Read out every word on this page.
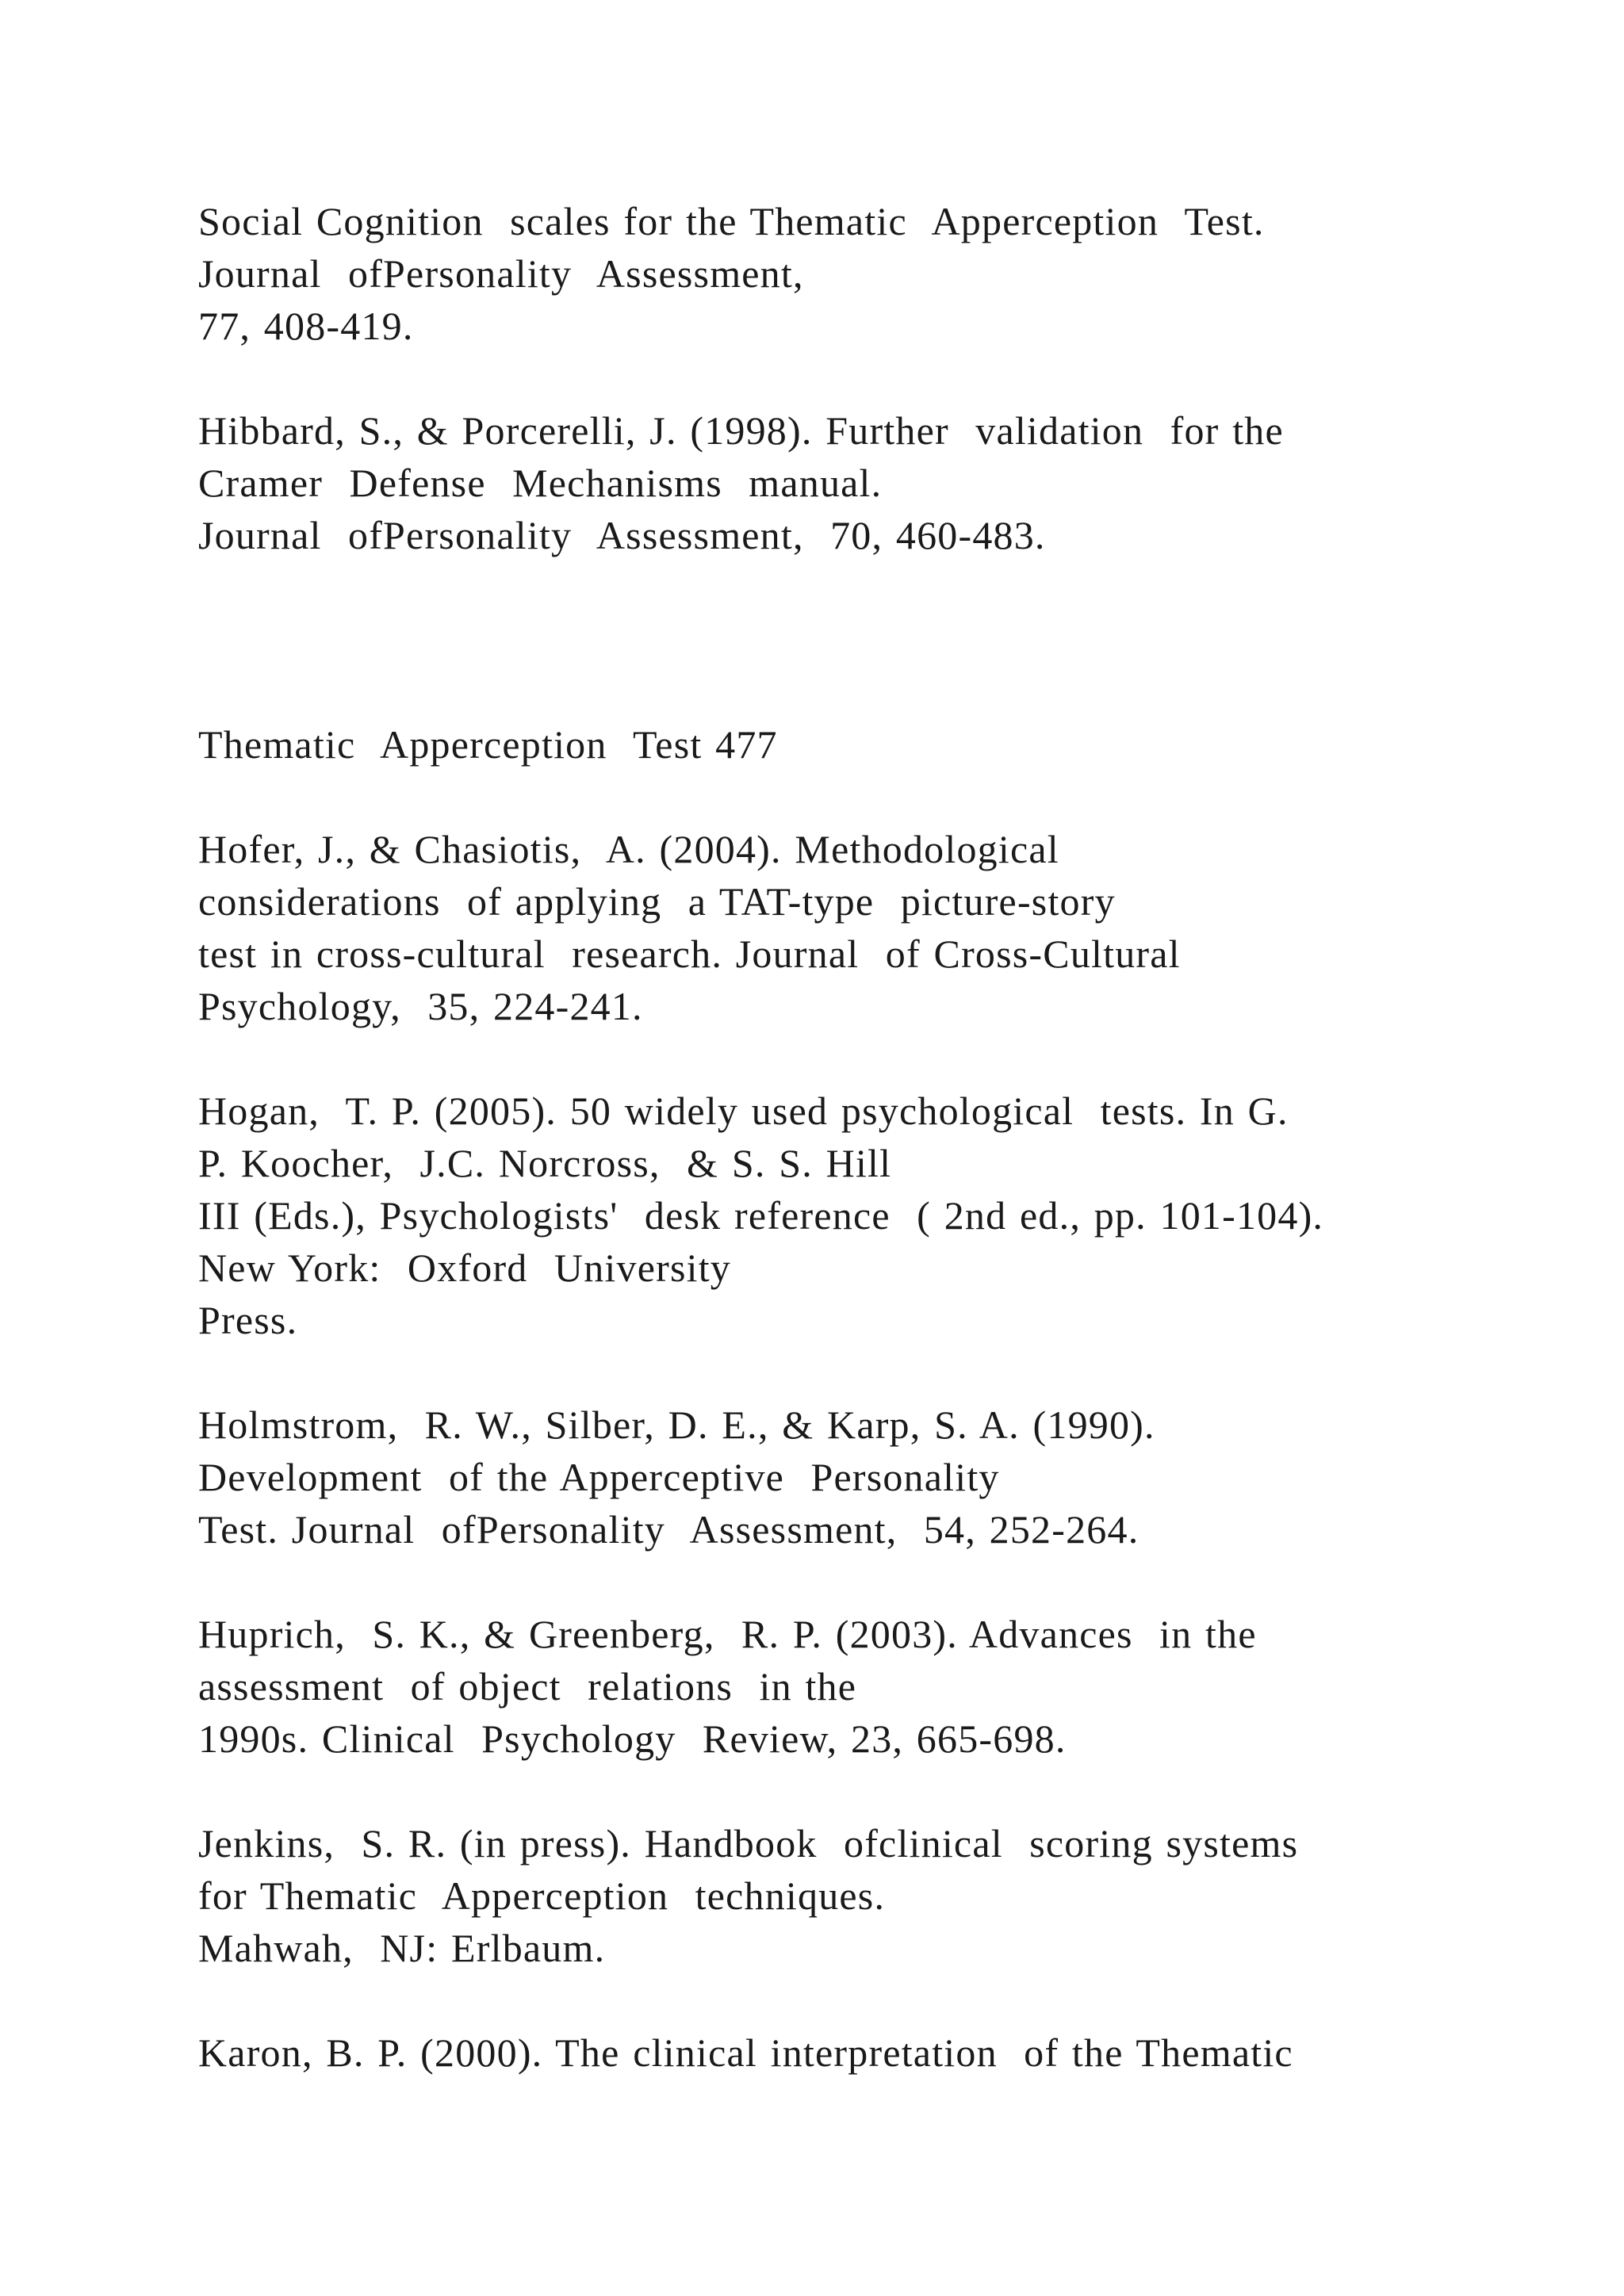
Social Cognition  scales for the Thematic  Apperception  Test.
Journal  ofPersonality  Assessment,
77, 408-419.
Hibbard, S., & Porcerelli, J. (1998). Further  validation  for the
Cramer  Defense  Mechanisms  manual.
Journal  ofPersonality  Assessment,  70, 460-483.
Thematic  Apperception  Test 477
Hofer, J., & Chasiotis,  A. (2004). Methodological
considerations  of applying  a TAT-type  picture-story
test in cross-cultural  research. Journal  of Cross-Cultural
Psychology,  35, 224-241.
Hogan,  T. P. (2005). 50 widely used psychological  tests. In G.
P. Koocher,  J.C. Norcross,  & S. S. Hill
III (Eds.), Psychologists'  desk reference  ( 2nd ed., pp. 101-104).
New York:  Oxford  University
Press.
Holmstrom,  R. W., Silber, D. E., & Karp, S. A. (1990).
Development  of the Apperceptive  Personality
Test. Journal  ofPersonality  Assessment,  54, 252-264.
Huprich,  S. K., & Greenberg,  R. P. (2003). Advances  in the
assessment  of object  relations  in the
1990s. Clinical  Psychology  Review, 23, 665-698.
Jenkins,  S. R. (in press). Handbook  ofclinical  scoring systems
for Thematic  Apperception  techniques.
Mahwah,  NJ: Erlbaum.
Karon, B. P. (2000). The clinical interpretation  of the Thematic
